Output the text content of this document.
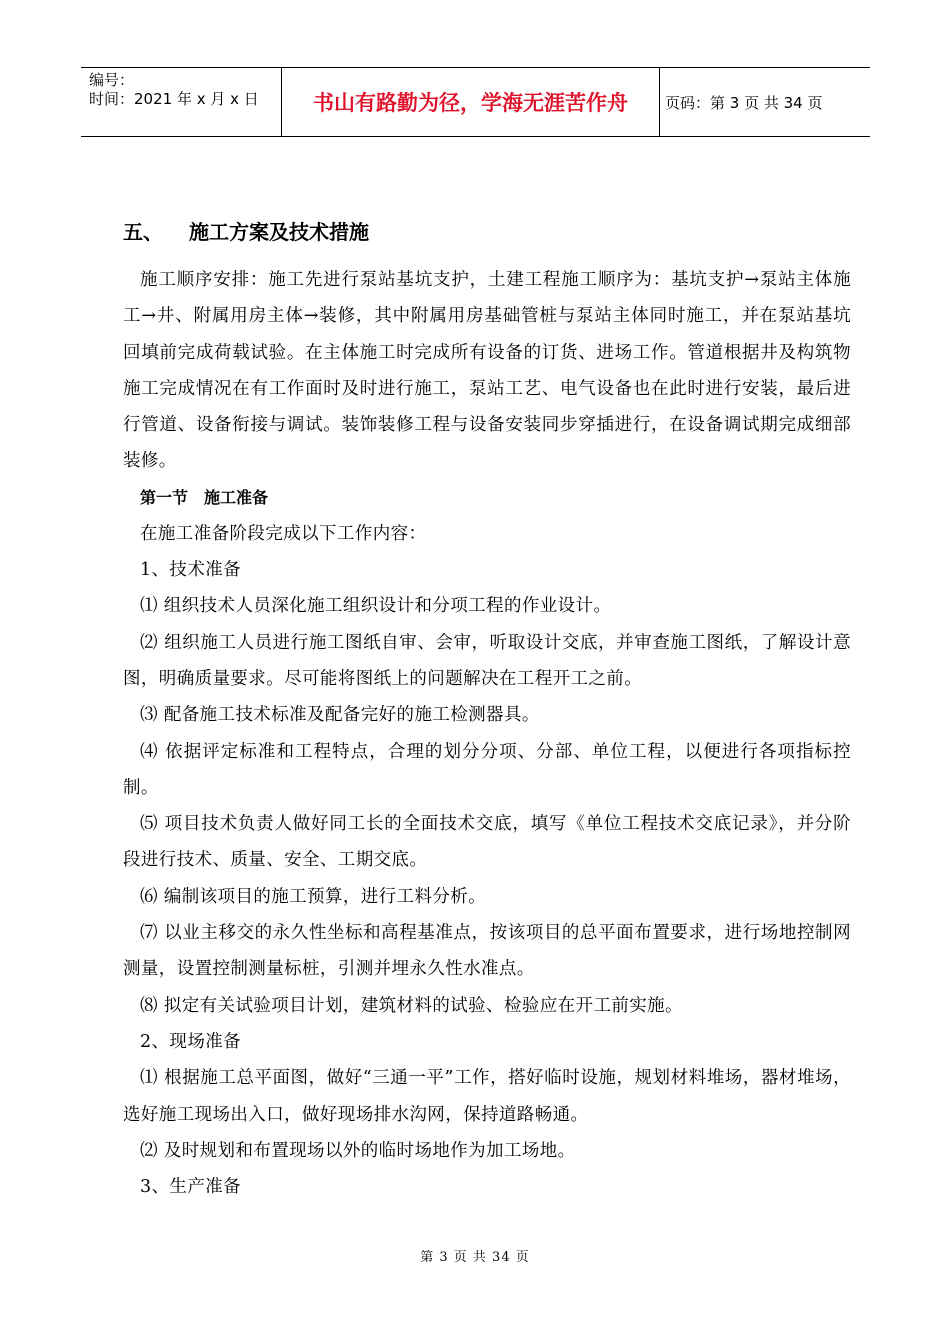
编号：
时间：2021 年 x 月 x 日	书山有路勤为径，学海无涯苦作舟	页码：第 3 页 共 34 页
五、	施工方案及技术措施

施工顺序安排：施工先进行泵站基坑支护，土建工程施工顺序为：基坑支护→泵站主体施工→井、附属用房主体→装修，其中附属用房基础管桩与泵站主体同时施工，并在泵站基坑回填前完成荷载试验。在主体施工时完成所有设备的订货、进场工作。管道根据井及构筑物施工完成情况在有工作面时及时进行施工，泵站工艺、电气设备也在此时进行安装，最后进行管道、设备衔接与调试。装饰装修工程与设备安装同步穿插进行，在设备调试期完成细部装修。

第一节 施工准备

在施工准备阶段完成以下工作内容：

1、技术准备

⑴ 组织技术人员深化施工组织设计和分项工程的作业设计。

⑵ 组织施工人员进行施工图纸自审、会审，听取设计交底，并审查施工图纸，了解设计意图，明确质量要求。尽可能将图纸上的问题解决在工程开工之前。

⑶ 配备施工技术标准及配备完好的施工检测器具。

⑷ 依据评定标准和工程特点，合理的划分分项、分部、单位工程，以便进行各项指标控制。

⑸ 项目技术负责人做好同工长的全面技术交底，填写《单位工程技术交底记录》，并分阶段进行技术、质量、安全、工期交底。

⑹ 编制该项目的施工预算，进行工料分析。

⑺ 以业主移交的永久性坐标和高程基准点，按该项目的总平面布置要求，进行场地控制网测量，设置控制测量标桩，引测并埋永久性水准点。

⑻ 拟定有关试验项目计划，建筑材料的试验、检验应在开工前实施。

2、现场准备

⑴ 根据施工总平面图，做好“三通一平”工作，搭好临时设施，规划材料堆场，器材堆场，选好施工现场出入口，做好现场排水沟网，保持道路畅通。

⑵ 及时规划和布置现场以外的临时场地作为加工场地。

3、生产准备

第 3 页 共 34 页
